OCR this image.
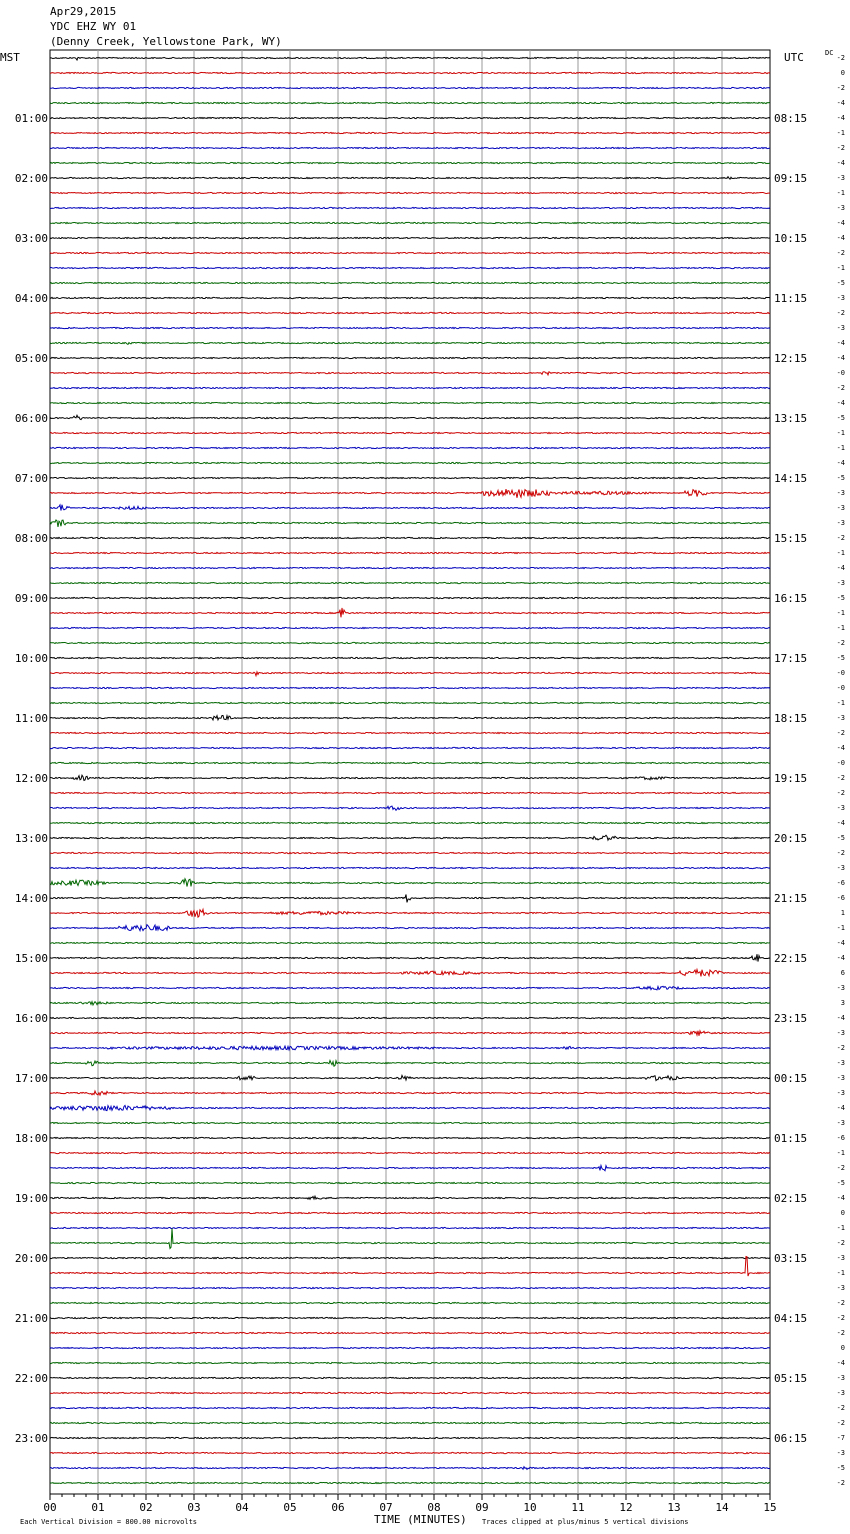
Apr29,2015
YDC EHZ WY 01
(Denny Creek, Yellowstone Park, WY)
00	01	02	03	04	05	06	07	08	09	10	11	12	13	14	15
01:00
02:00
03:00
04:00
05:00
06:00
07:00
08:00
09:00
10:00
11:00
12:00
13:00
14:00
15:00
16:00
17:00
18:00
19:00
20:00
21:00
22:00
23:00
08:15
09:15
10:15
11:15
12:15
13:15
14:15
15:15
16:15
17:15
18:15
19:15
20:15
21:15
22:15
23:15
00:15
01:15
02:15
03:15
04:15
05:15
06:15
-2
0
-2
-4
-4
-1
-2
-4
-3
-1
-3
-4
-4
-2
-1
-5
-3
-2
-3
-4
-4
-0
-2
-4
-5
-1
-1
-4
-5
-3
-3
-3
-2
-1
-4
-3
-5
-1
-1
-2
-5
-0
-0
-1
-3
-2
-4
-0
-2
-2
-3
-4
-5
-2
-3
-6
-6
1
-1
-4
-4
6
-3
3
-4
-3
-2
-3
-3
-3
-4
-3
-6
-1
-2
-5
-4
0
-1
-2
-3
-1
-3
-2
-2
-2
0
-4
-3
-3
-2
-2
-7
-3
-5
-2
MST	UTC	DC
Each Vertical Division = 800.00 microvolts	TIME (MINUTES) Traces clipped at plus/minus 5 vertical divisions
